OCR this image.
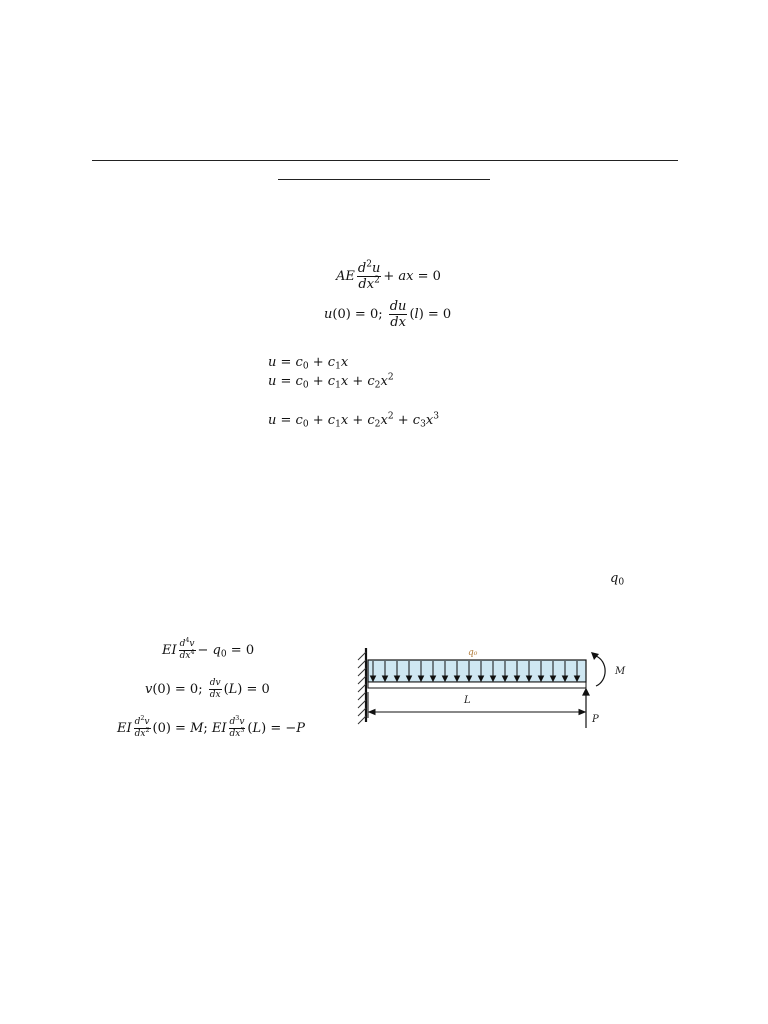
AE $\frac{d^2u}{dx^2}$ + ax = 0
u(0) = 0; $\frac{du}{dx} (l) = 0$
$u = c_0 + c_1x$
$u = c_0 + c_1x + c_2x^2$
$u = c_0 + c_1x + c_2x^2 + c_3x^3$
$q_0$
EI $\frac{d^4v}{dx^4} - q_0 = 0$
v(0) = 0; $\frac{dv}{dx} (L) = 0$
EI $\frac{d^2v}{dx^2} (0) = M$; EI $\frac{d^3v}{dx^3} (L) = -P$
q₀
M
L
P
